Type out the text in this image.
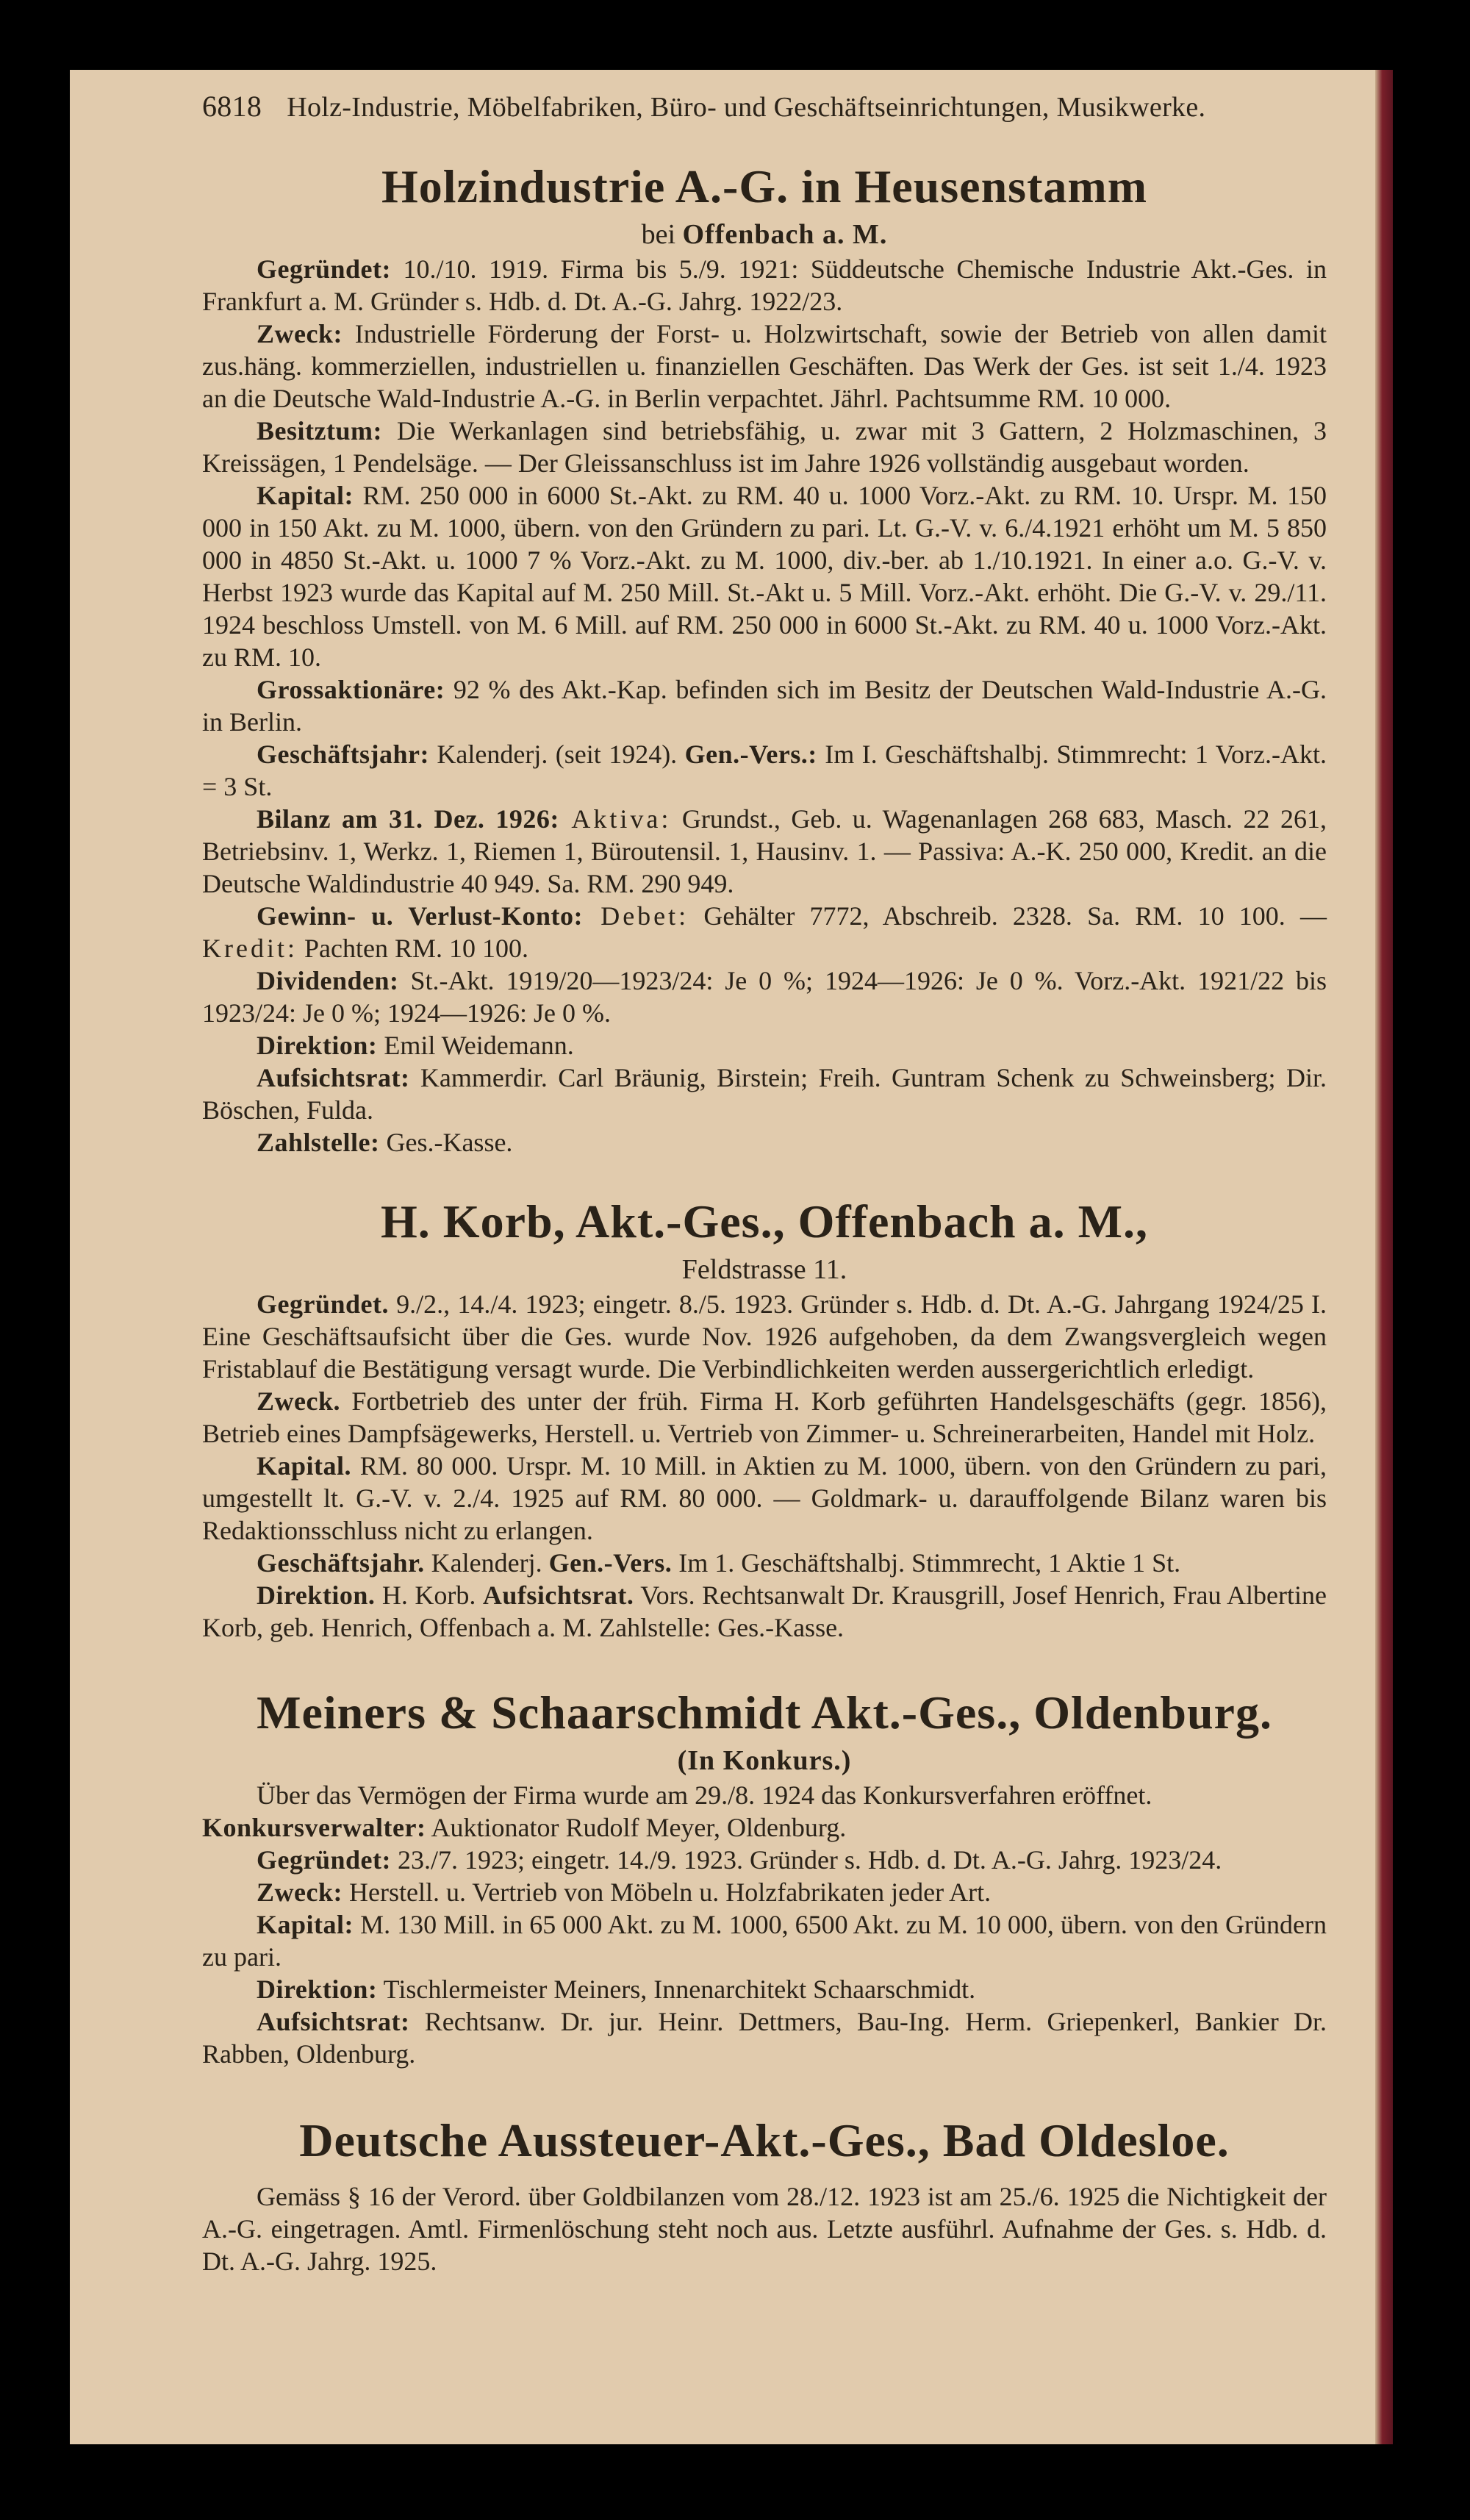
6818 Holz-Industrie, Möbelfabriken, Büro- und Geschäftseinrichtungen, Musikwerke.
Holzindustrie A.-G. in Heusenstamm
bei Offenbach a. M.

Gegründet: 10./10. 1919. Firma bis 5./9. 1921: Süddeutsche Chemische Industrie Akt.-Ges. in Frankfurt a. M. Gründer s. Hdb. d. Dt. A.-G. Jahrg. 1922/23.

Zweck: Industrielle Förderung der Forst- u. Holzwirtschaft, sowie der Betrieb von allen damit zus.häng. kommerziellen, industriellen u. finanziellen Geschäften. Das Werk der Ges. ist seit 1./4. 1923 an die Deutsche Wald-Industrie A.-G. in Berlin verpachtet. Jährl. Pachtsumme RM. 10 000.

Besitztum: Die Werkanlagen sind betriebsfähig, u. zwar mit 3 Gattern, 2 Holzmaschinen, 3 Kreissägen, 1 Pendelsäge. — Der Gleissanschluss ist im Jahre 1926 vollständig ausgebaut worden.

Kapital: RM. 250 000 in 6000 St.-Akt. zu RM. 40 u. 1000 Vorz.-Akt. zu RM. 10. Urspr. M. 150 000 in 150 Akt. zu M. 1000, übern. von den Gründern zu pari. Lt. G.-V. v. 6./4.1921 erhöht um M. 5 850 000 in 4850 St.-Akt. u. 1000 7 % Vorz.-Akt. zu M. 1000, div.-ber. ab 1./10.1921. In einer a.o. G.-V. v. Herbst 1923 wurde das Kapital auf M. 250 Mill. St.-Akt u. 5 Mill. Vorz.-Akt. erhöht. Die G.-V. v. 29./11. 1924 beschloss Umstell. von M. 6 Mill. auf RM. 250 000 in 6000 St.-Akt. zu RM. 40 u. 1000 Vorz.-Akt. zu RM. 10.

Grossaktionäre: 92 % des Akt.-Kap. befinden sich im Besitz der Deutschen Wald-Industrie A.-G. in Berlin.

Geschäftsjahr: Kalenderj. (seit 1924). Gen.-Vers.: Im I. Geschäftshalbj. Stimmrecht: 1 Vorz.-Akt. = 3 St.

Bilanz am 31. Dez. 1926: Aktiva: Grundst., Geb. u. Wagenanlagen 268 683, Masch. 22 261, Betriebsinv. 1, Werkz. 1, Riemen 1, Büroutensil. 1, Hausinv. 1. — Passiva: A.-K. 250 000, Kredit. an die Deutsche Waldindustrie 40 949. Sa. RM. 290 949.

Gewinn- u. Verlust-Konto: Debet: Gehälter 7772, Abschreib. 2328. Sa. RM. 10 100. — Kredit: Pachten RM. 10 100.

Dividenden: St.-Akt. 1919/20—1923/24: Je 0 %; 1924—1926: Je 0 %. Vorz.-Akt. 1921/22 bis 1923/24: Je 0 %; 1924—1926: Je 0 %.

Direktion: Emil Weidemann.

Aufsichtsrat: Kammerdir. Carl Bräunig, Birstein; Freih. Guntram Schenk zu Schweinsberg; Dir. Böschen, Fulda.

Zahlstelle: Ges.-Kasse.

H. Korb, Akt.-Ges., Offenbach a. M.,
Feldstrasse 11.

Gegründet. 9./2., 14./4. 1923; eingetr. 8./5. 1923. Gründer s. Hdb. d. Dt. A.-G. Jahrgang 1924/25 I. Eine Geschäftsaufsicht über die Ges. wurde Nov. 1926 aufgehoben, da dem Zwangsvergleich wegen Fristablauf die Bestätigung versagt wurde. Die Verbindlichkeiten werden aussergerichtlich erledigt.

Zweck. Fortbetrieb des unter der früh. Firma H. Korb geführten Handelsgeschäfts (gegr. 1856), Betrieb eines Dampfsägewerks, Herstell. u. Vertrieb von Zimmer- u. Schreinerarbeiten, Handel mit Holz.

Kapital. RM. 80 000. Urspr. M. 10 Mill. in Aktien zu M. 1000, übern. von den Gründern zu pari, umgestellt lt. G.-V. v. 2./4. 1925 auf RM. 80 000. — Goldmark- u. darauffolgende Bilanz waren bis Redaktionsschluss nicht zu erlangen.

Geschäftsjahr. Kalenderj. Gen.-Vers. Im 1. Geschäftshalbj. Stimmrecht, 1 Aktie 1 St.

Direktion. H. Korb. Aufsichtsrat. Vors. Rechtsanwalt Dr. Krausgrill, Josef Henrich, Frau Albertine Korb, geb. Henrich, Offenbach a. M. Zahlstelle: Ges.-Kasse.

Meiners & Schaarschmidt Akt.-Ges., Oldenburg.
(In Konkurs.)

Über das Vermögen der Firma wurde am 29./8. 1924 das Konkursverfahren eröffnet.

Konkursverwalter: Auktionator Rudolf Meyer, Oldenburg.

Gegründet: 23./7. 1923; eingetr. 14./9. 1923. Gründer s. Hdb. d. Dt. A.-G. Jahrg. 1923/24.

Zweck: Herstell. u. Vertrieb von Möbeln u. Holzfabrikaten jeder Art.

Kapital: M. 130 Mill. in 65 000 Akt. zu M. 1000, 6500 Akt. zu M. 10 000, übern. von den Gründern zu pari.

Direktion: Tischlermeister Meiners, Innenarchitekt Schaarschmidt.

Aufsichtsrat: Rechtsanw. Dr. jur. Heinr. Dettmers, Bau-Ing. Herm. Griepenkerl, Bankier Dr. Rabben, Oldenburg.

Deutsche Aussteuer-Akt.-Ges., Bad Oldesloe.

Gemäss § 16 der Verord. über Goldbilanzen vom 28./12. 1923 ist am 25./6. 1925 die Nichtigkeit der A.-G. eingetragen. Amtl. Firmenlöschung steht noch aus. Letzte ausführl. Aufnahme der Ges. s. Hdb. d. Dt. A.-G. Jahrg. 1925.
